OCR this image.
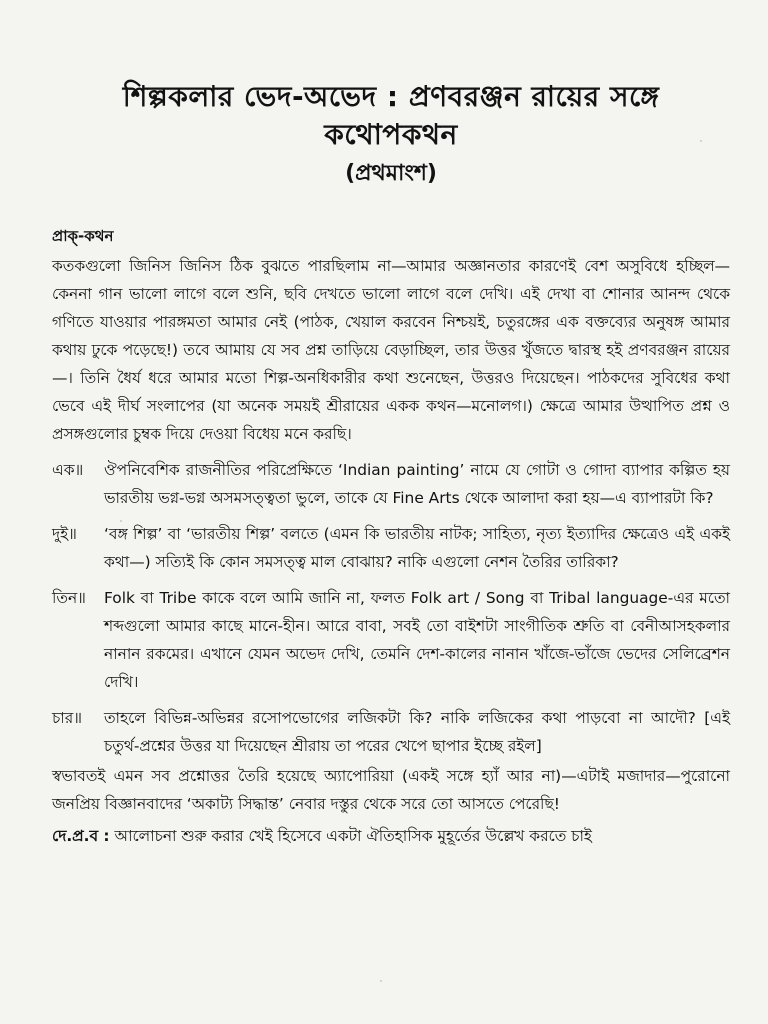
শিল্পকলার ভেদ-অভেদ : প্রণবরঞ্জন রায়ের সঙ্গে কথোপকথন
(প্রথমাংশ)
প্রাক্-কথন

কতকগুলো জিনিস জিনিস ঠিক বুঝতে পারছিলাম না—আমার অজ্ঞানতার কারণেই বেশ অসুবিধে হচ্ছিল—কেননা গান ভালো লাগে বলে শুনি, ছবি দেখতে ভালো লাগে বলে দেখি। এই দেখা বা শোনার আনন্দ থেকে গণিতে যাওয়ার পারঙ্গমতা আমার নেই (পাঠক, খেয়াল করবেন নিশ্চয়ই, চতুরঙ্গের এক বক্তব্যের অনুষঙ্গ আমার কথায় ঢুকে পড়েছে!) তবে আমায় যে সব প্রশ্ন তাড়িয়ে বেড়াচ্ছিল, তার উত্তর খুঁজতে দ্বারস্থ হই প্রণবরঞ্জন রায়ের—। তিনি ধৈর্য ধরে আমার মতো শিল্প-অনধিকারীর কথা শুনেছেন, উত্তরও দিয়েছেন। পাঠকদের সুবিধের কথা ভেবে এই দীর্ঘ সংলাপের (যা অনেক সময়ই শ্রীরায়ের একক কথন—মনোলগ।) ক্ষেত্রে আমার উত্থাপিত প্রশ্ন ও প্রসঙ্গগুলোর চুম্বক দিয়ে দেওয়া বিধেয় মনে করছি।

এক॥	ঔপনিবেশিক রাজনীতির পরিপ্রেক্ষিতে ‘Indian painting’ নামে যে গোটা ও গোদা ব্যাপার কল্পিত হয় ভারতীয় ভগ্ন-ভগ্ন অসমসত্ত্বতা ভুলে, তাকে যে Fine Arts থেকে আলাদা করা হয়—এ ব্যাপারটা কি?
দুই॥	‘বঙ্গ শিল্প’ বা ‘ভারতীয় শিল্প’ বলতে (এমন কি ভারতীয় নাটক; সাহিত্য, নৃত্য ইত্যাদির ক্ষেত্রেও এই একই কথা—) সত্যিই কি কোন সমসত্ত্ব মাল বোঝায়? নাকি এগুলো নেশন তৈরির তারিকা?
তিন॥	Folk বা Tribe কাকে বলে আমি জানি না, ফলত Folk art / Song বা Tribal language-এর মতো শব্দগুলো আমার কাছে মানে-হীন। আরে বাবা, সবই তো বাইশটা সাংগীতিক শ্রুতি বা বেনীআসহকলার নানান রকমের। এখানে যেমন অভেদ দেখি, তেমনি দেশ-কালের নানান খাঁজে-ভাঁজে ভেদের সেলিব্রেশন দেখি।
চার॥	তাহলে বিভিন্ন-অভিন্নর রসোপভোগের লজিকটা কি? নাকি লজিকের কথা পাড়বো না আদৌ? [এই চতুর্থ-প্রশ্নের উত্তর যা দিয়েছেন শ্রীরায় তা পরের খেপে ছাপার ইচ্ছে রইল]

স্বভাবতই এমন সব প্রশ্নোত্তর তৈরি হয়েছে অ্যাপোরিয়া (একই সঙ্গে হ্যাঁ আর না)—এটাই মজাদার—পুরোনো জনপ্রিয় বিজ্ঞানবাদের ‘অকাট্য সিদ্ধান্ত’ নেবার দস্তুর থেকে সরে তো আসতে পেরেছি!

দে.প্র.ব : আলোচনা শুরু করার খেই হিসেবে একটা ঐতিহাসিক মুহূর্তের উল্লেখ করতে চাই
